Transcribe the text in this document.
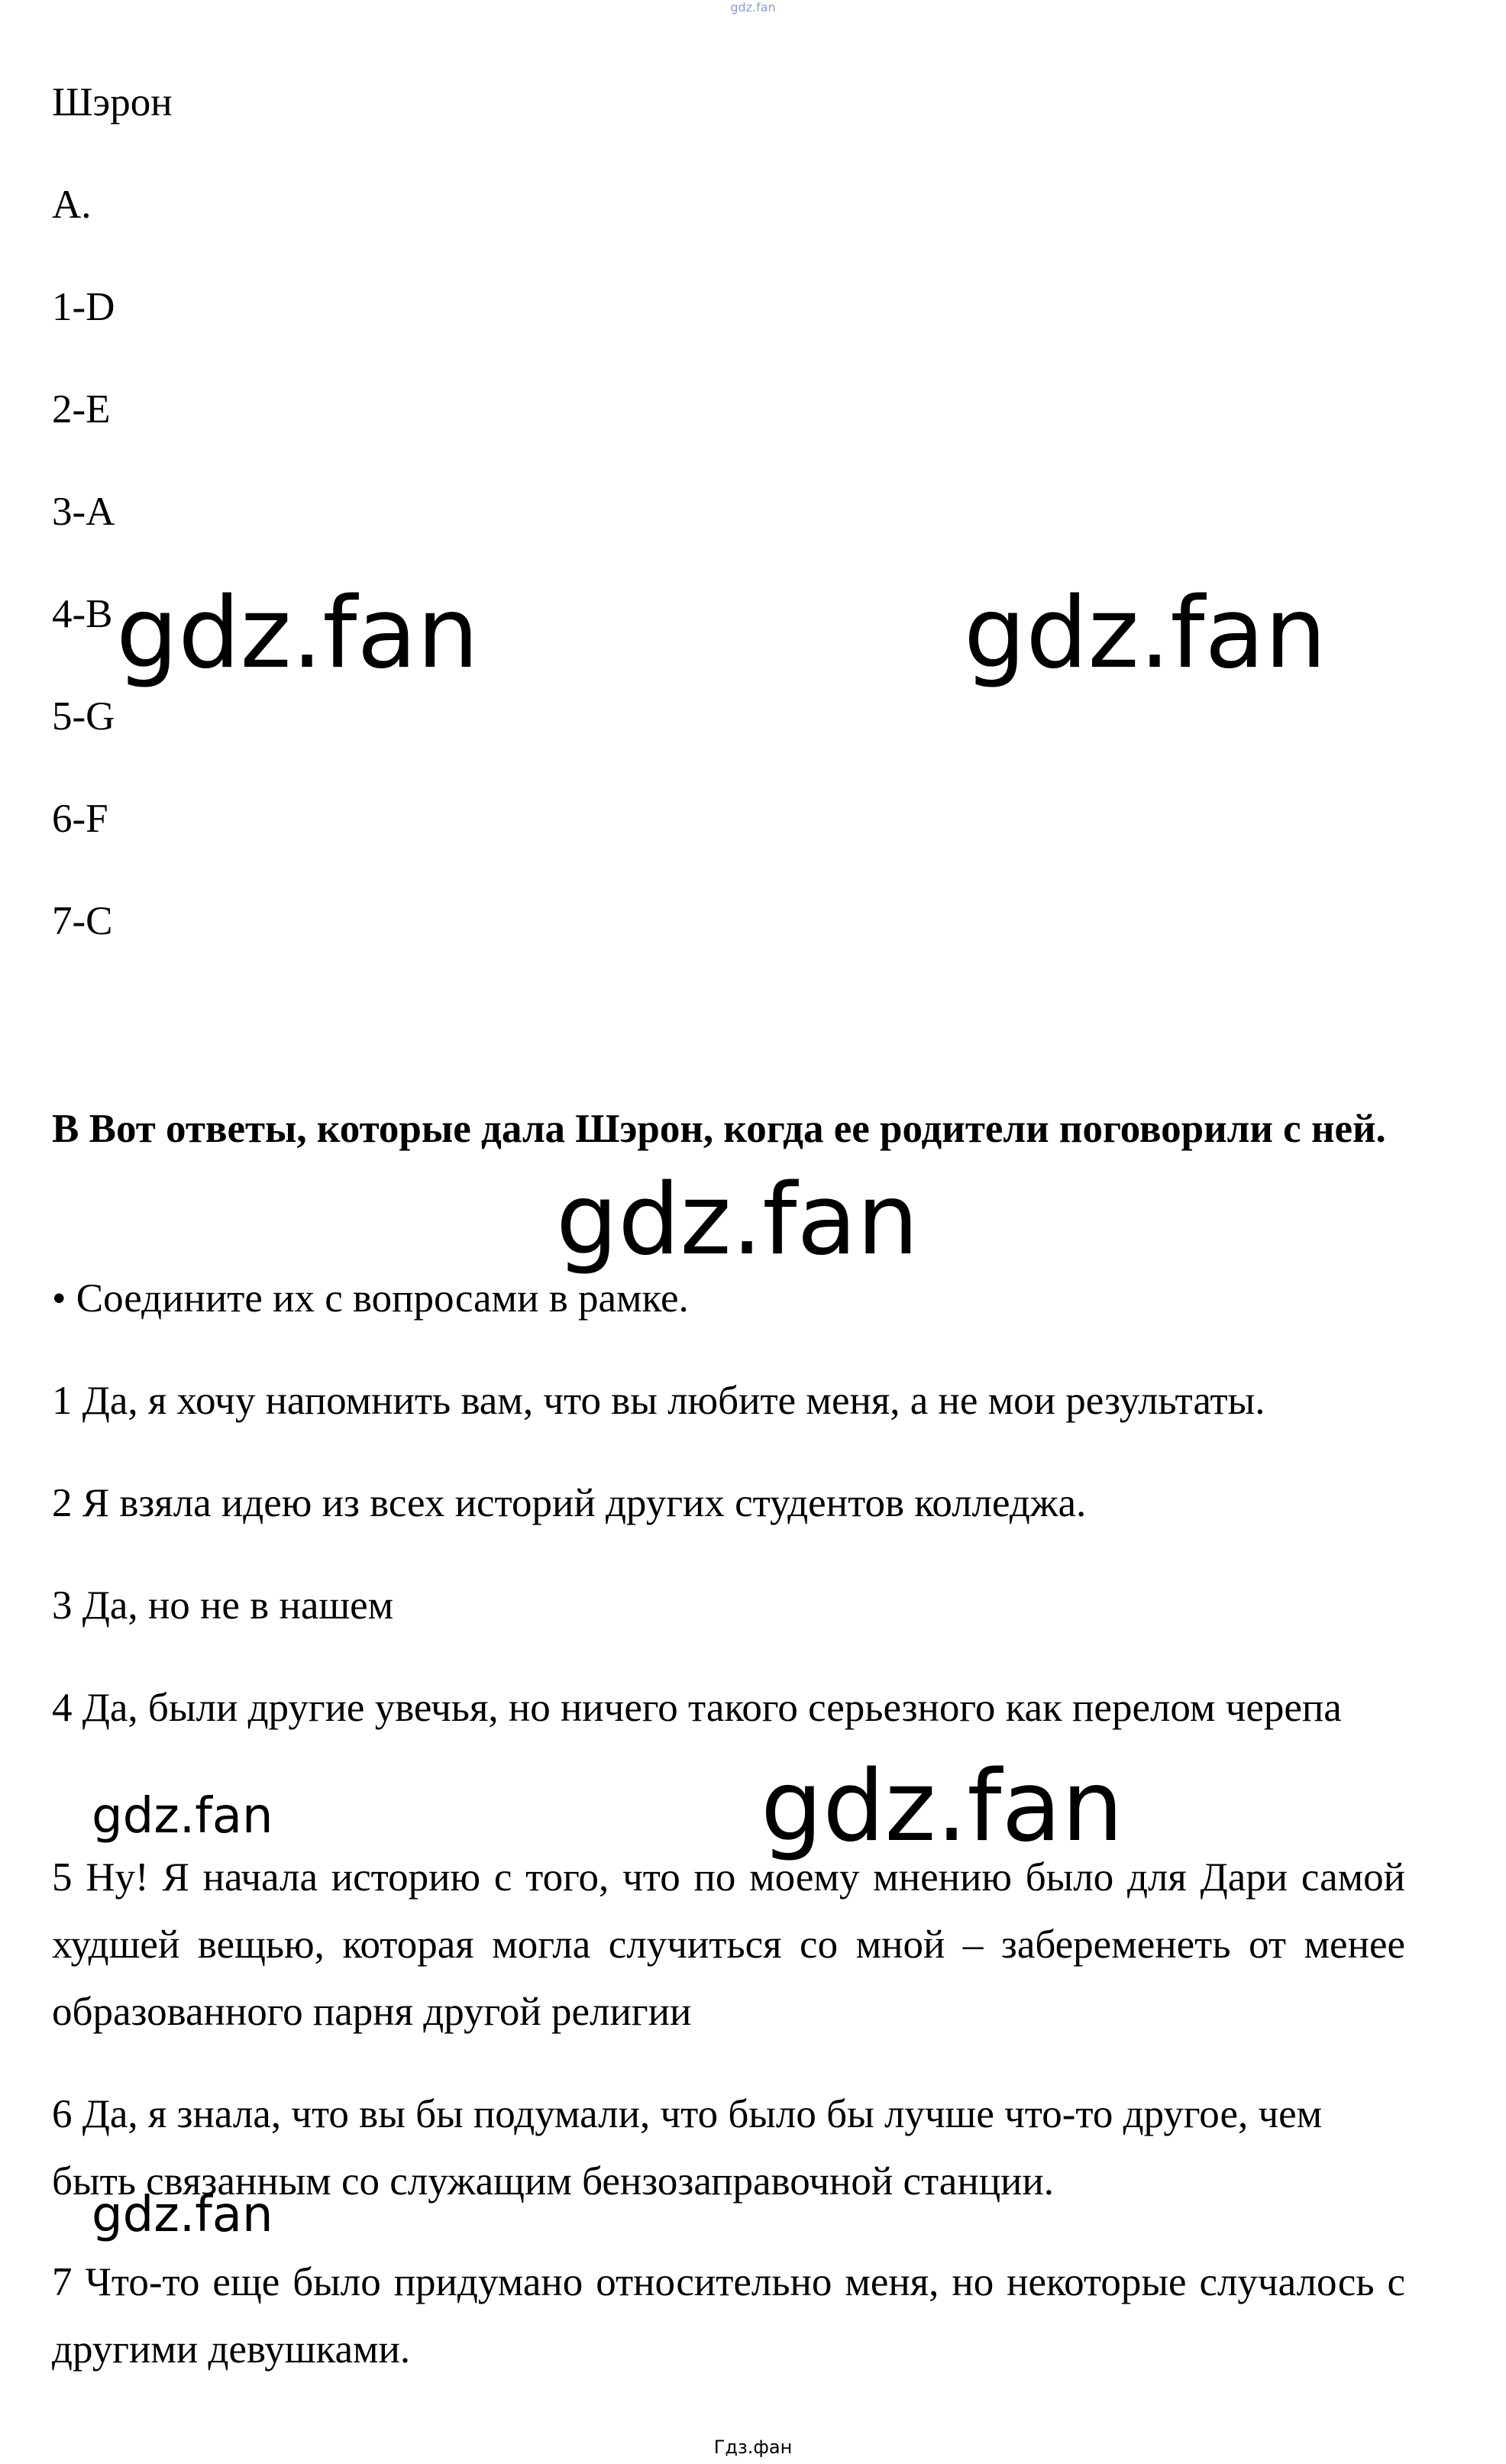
gdz.fan
Шэрон
A.
1-D
2-E
3-A
4-B
5-G
6-F
7-C
В Вот ответы, которые дала Шэрон, когда ее родители поговорили с ней.
• Соедините их с вопросами в рамке.
1 Да, я хочу напомнить вам, что вы любите меня, а не мои результаты.
2 Я взяла идею из всех историй других студентов колледжа.
3 Да, но не в нашем
4 Да, были другие увечья, но ничего такого серьезного как перелом черепа
5 Ну! Я начала историю с того, что по моему мнению было для Дари самой худшей вещью, которая могла случиться со мной – забеременеть от менее образованного парня другой религии
6 Да, я знала, что вы бы подумали, что было бы лучше что-то другое, чем быть связанным со служащим бензозаправочной станции.
7 Что-то еще было придумано относительно меня, но некоторые случалось с другими девушками.
gdz.fan	gdz.fan
gdz.fan
gdz.fan
gdz.fan
gdz.fan
Гдз.фан
